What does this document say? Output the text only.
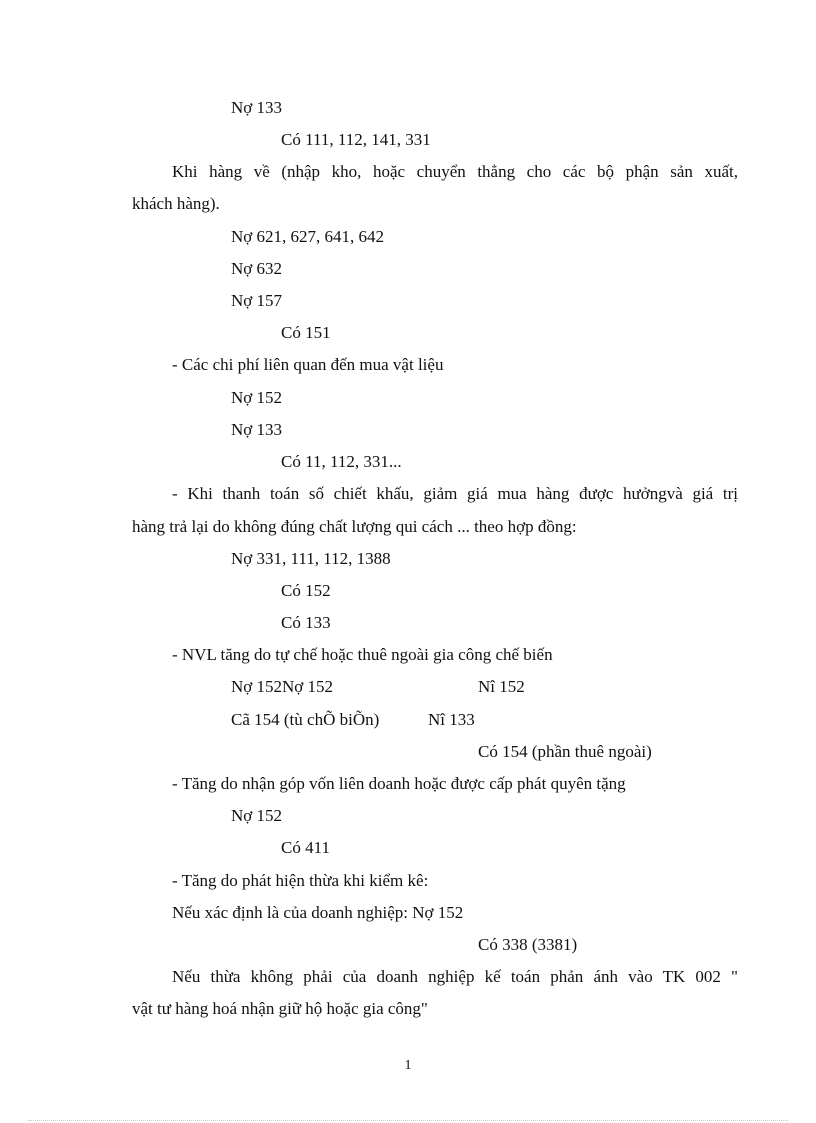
Nợ 133
Có 111, 112, 141, 331
Khi hàng về (nhập kho, hoặc chuyển thẳng cho các bộ phận sản xuất,
khách hàng).
Nợ 621, 627, 641, 642
Nợ 632
Nợ 157
Có 151
- Các chi phí liên quan đến mua vật liệu
Nợ 152
Nợ 133
Có 11, 112, 331...
- Khi thanh toán số chiết khấu, giảm giá mua hàng được hưởngvà giá trị
hàng trả lại do không đúng chất lượng qui cách ... theo hợp đồng:
Nợ 331, 111, 112, 1388
Có 152
Có 133
- NVL tăng do tự chế hoặc thuê ngoài gia công chế biến
Nợ 152Nợ 152	Nî 152
Cã 154 (tù chÕ biÕn)	Nî 133
Có 154 (phần thuê ngoài)
- Tăng do nhận góp vốn liên doanh hoặc được cấp phát quyên tặng
Nợ 152
Có 411
- Tăng do phát hiện thừa khi kiểm kê:
Nếu xác định là của doanh nghiệp: Nợ 152
Có 338 (3381)
Nếu thừa không phải của doanh nghiệp kế toán phản ánh vào TK 002 "
vật tư hàng hoá nhận giữ hộ hoặc gia công"
1
